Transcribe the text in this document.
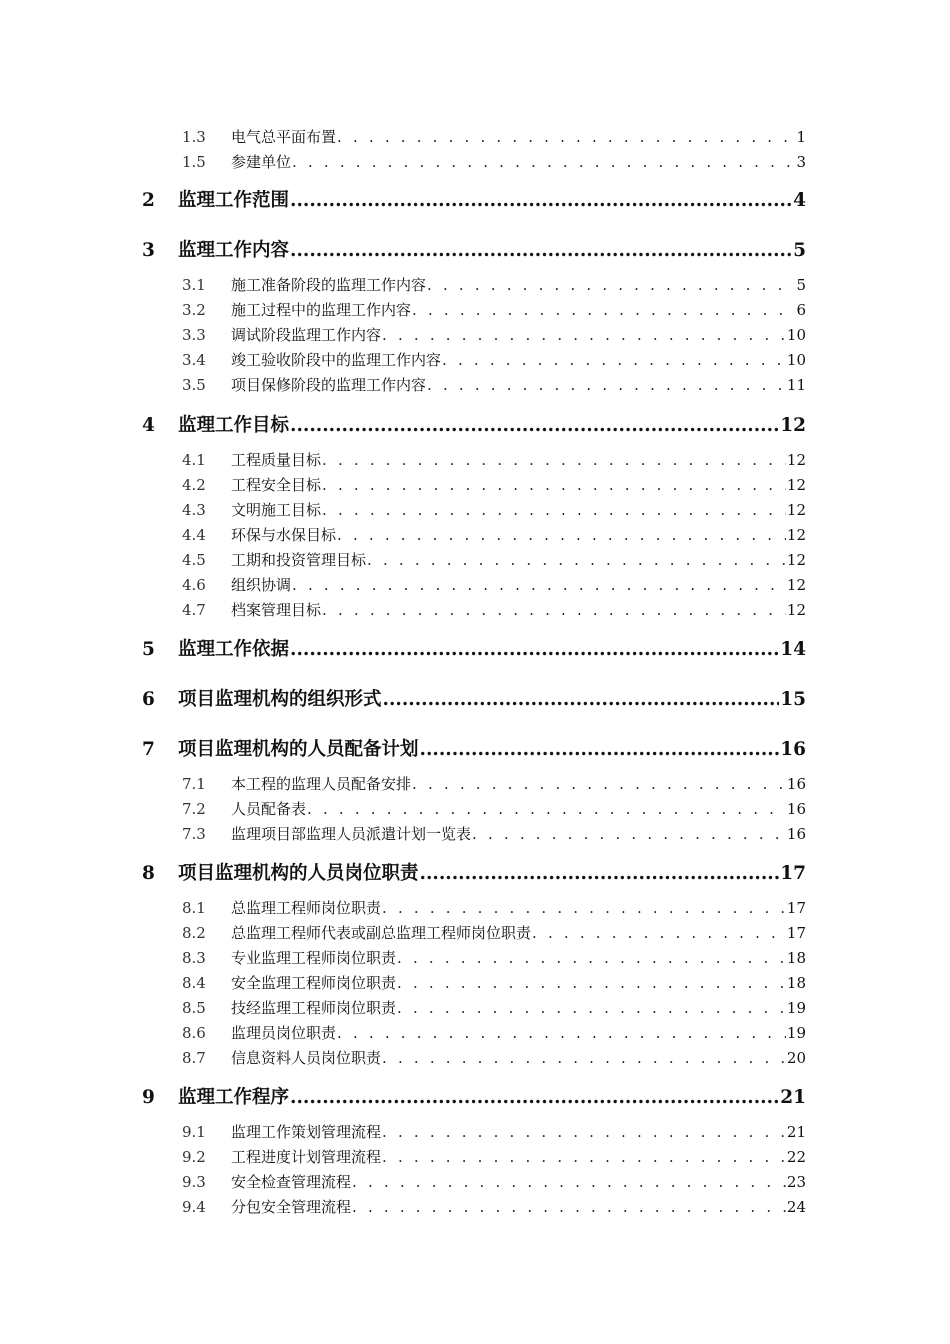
1.3	电气总平面布置 . . .	1
1.5	参建单位 . . .	3
2	监理工作范围 .....	4
3	监理工作内容 .....	5
3.1	施工准备阶段的监理工作内容 . . .	5
3.2	施工过程中的监理工作内容 . . .	6
3.3	调试阶段监理工作内容 . . .	10
3.4	竣工验收阶段中的监理工作内容 . . .	10
3.5	项目保修阶段的监理工作内容 . . .	11
4	监理工作目标 .....	12
4.1	工程质量目标 . . .	12
4.2	工程安全目标 . . .	12
4.3	文明施工目标 . . .	12
4.4	环保与水保目标 . . .	12
4.5	工期和投资管理目标 . . .	12
4.6	组织协调 . . .	12
4.7	档案管理目标 . . .	12
5	监理工作依据 .....	14
6	项目监理机构的组织形式 .....	15
7	项目监理机构的人员配备计划 .....	16
7.1	本工程的监理人员配备安排 . . .	16
7.2	人员配备表 . . .	16
7.3	监理项目部监理人员派遣计划一览表 . . .	16
8	项目监理机构的人员岗位职责 .....	17
8.1	总监理工程师岗位职责 . . .	17
8.2	总监理工程师代表或副总监理工程师岗位职责 . . .	17
8.3	专业监理工程师岗位职责 . . .	18
8.4	安全监理工程师岗位职责 . . .	18
8.5	技经监理工程师岗位职责 . . .	19
8.6	监理员岗位职责 . . .	19
8.7	信息资料人员岗位职责 . . .	20
9	监理工作程序 .....	21
9.1	监理工作策划管理流程 . . .	21
9.2	工程进度计划管理流程 . . .	22
9.3	安全检查管理流程 . . .	23
9.4	分包安全管理流程 . . .	24
